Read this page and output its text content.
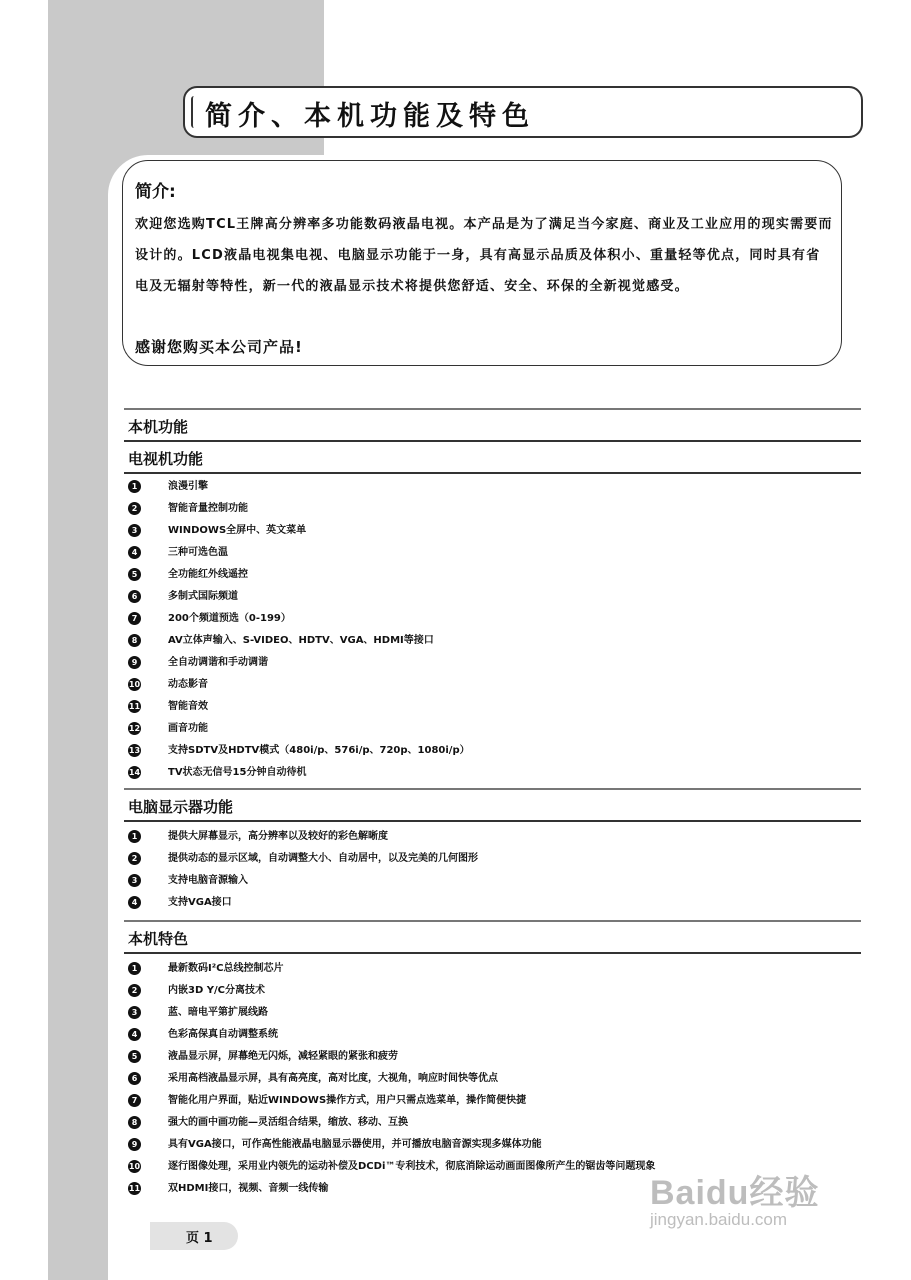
简介、本机功能及特色
简介:
欢迎您选购TCL王牌高分辨率多功能数码液晶电视。本产品是为了满足当今家庭、商业及工业应用的现实需要而设计的。LCD液晶电视集电视、电脑显示功能于一身，具有高显示品质及体积小、重量轻等优点，同时具有省电及无辐射等特性，新一代的液晶显示技术将提供您舒适、安全、环保的全新视觉感受。
感谢您购买本公司产品!
本机功能
电视机功能
1	浪漫引擎
2	智能音量控制功能
3	WINDOWS全屏中、英文菜单
4	三种可选色温
5	全功能红外线遥控
6	多制式国际频道
7	200个频道预选（0-199）
8	AV立体声输入、S-VIDEO、HDTV、VGA、HDMI等接口
9	全自动调谐和手动调谐
10	动态影音
11	智能音效
12	画音功能
13	支持SDTV及HDTV模式（480i/p、576i/p、720p、1080i/p）
14	TV状态无信号15分钟自动待机
电脑显示器功能
1	提供大屏幕显示，高分辨率以及较好的彩色解晰度
2	提供动态的显示区域，自动调整大小、自动居中，以及完美的几何图形
3	支持电脑音源输入
4	支持VGA接口
本机特色
1	最新数码I²C总线控制芯片
2	内嵌3D Y/C分离技术
3	蓝、暗电平第扩展线路
4	色彩高保真自动调整系统
5	液晶显示屏，屏幕绝无闪烁，减轻紧眼的紧张和疲劳
6	采用高档液晶显示屏，具有高亮度，高对比度，大视角，响应时间快等优点
7	智能化用户界面，贴近WINDOWS操作方式，用户只需点选菜单，操作简便快捷
8	强大的画中画功能—灵活组合结果，缩放、移动、互换
9	具有VGA接口，可作高性能液晶电脑显示器使用，并可播放电脑音源实现多媒体功能
10	逐行图像处理，采用业内领先的运动补偿及DCDi™专利技术，彻底消除运动画面图像所产生的锯齿等问题现象
11	双HDMI接口，视频、音频一线传输
页 1
Baidu经验
jingyan.baidu.com
